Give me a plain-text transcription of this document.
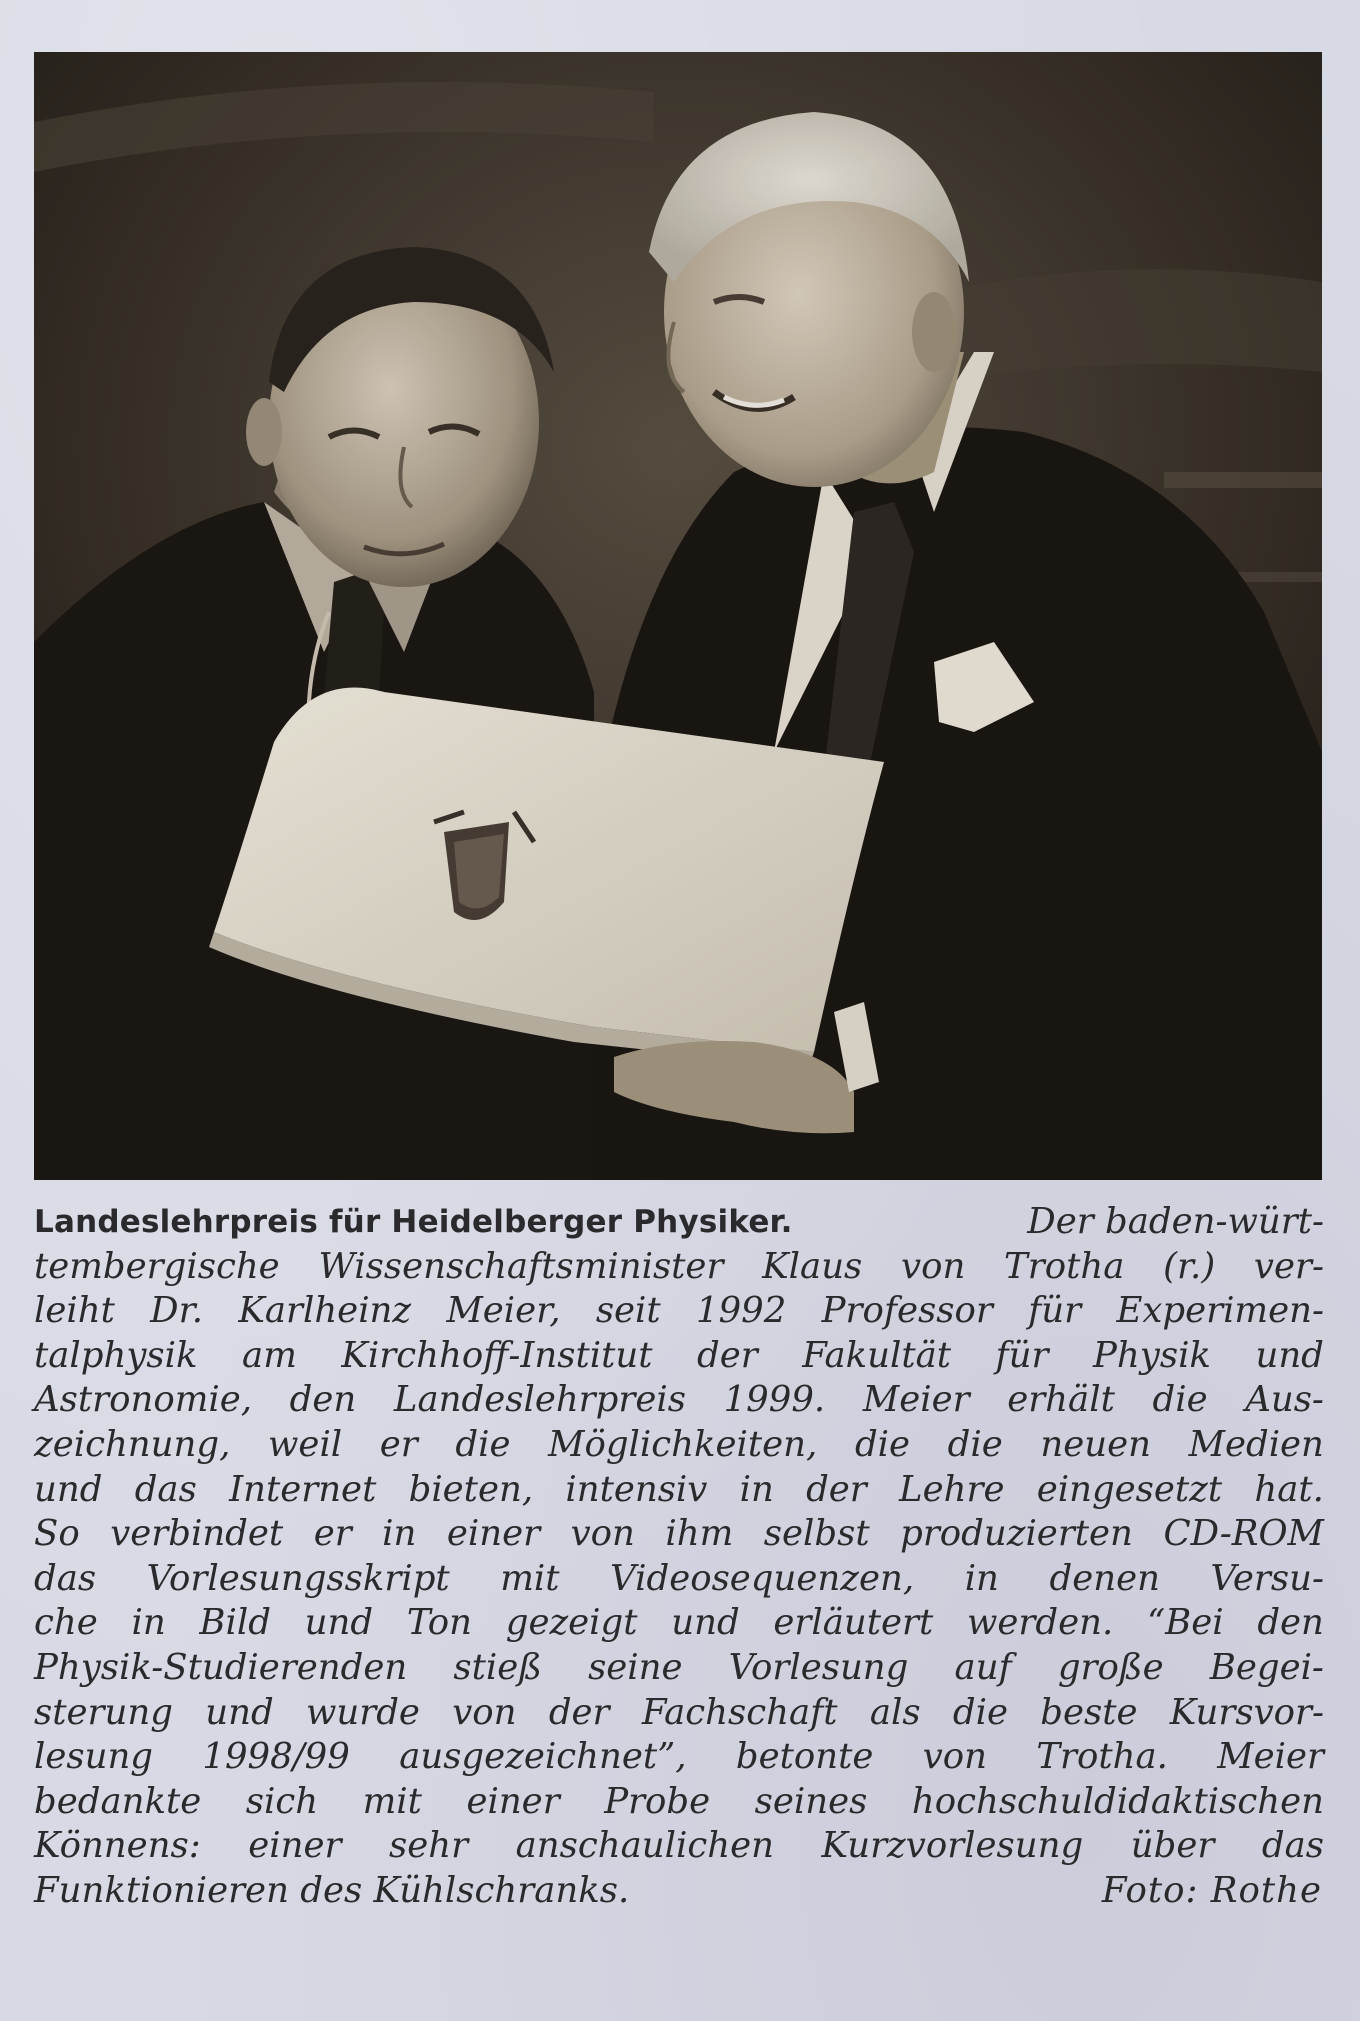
Landeslehrpreis für Heidelberger Physiker.	Der baden-würt-
tembergische Wissenschaftsminister Klaus von Trotha (r.) ver-
leiht Dr. Karlheinz Meier, seit 1992 Professor für Experimen-
talphysik am Kirchhoff-Institut der Fakultät für Physik und
Astronomie, den Landeslehrpreis 1999. Meier erhält die Aus-
zeichnung, weil er die Möglichkeiten, die die neuen Medien
und das Internet bieten, intensiv in der Lehre eingesetzt hat.
So verbindet er in einer von ihm selbst produzierten CD-ROM
das Vorlesungsskript mit Videosequenzen, in denen Versu-
che in Bild und Ton gezeigt und erläutert werden. “Bei den
Physik-Studierenden stieß seine Vorlesung auf große Begei-
sterung und wurde von der Fachschaft als die beste Kursvor-
lesung 1998/99 ausgezeichnet”, betonte von Trotha. Meier
bedankte sich mit einer Probe seines hochschuldidaktischen
Könnens: einer sehr anschaulichen Kurzvorlesung über das
Funktionieren des Kühlschranks.	Foto: Rothe
